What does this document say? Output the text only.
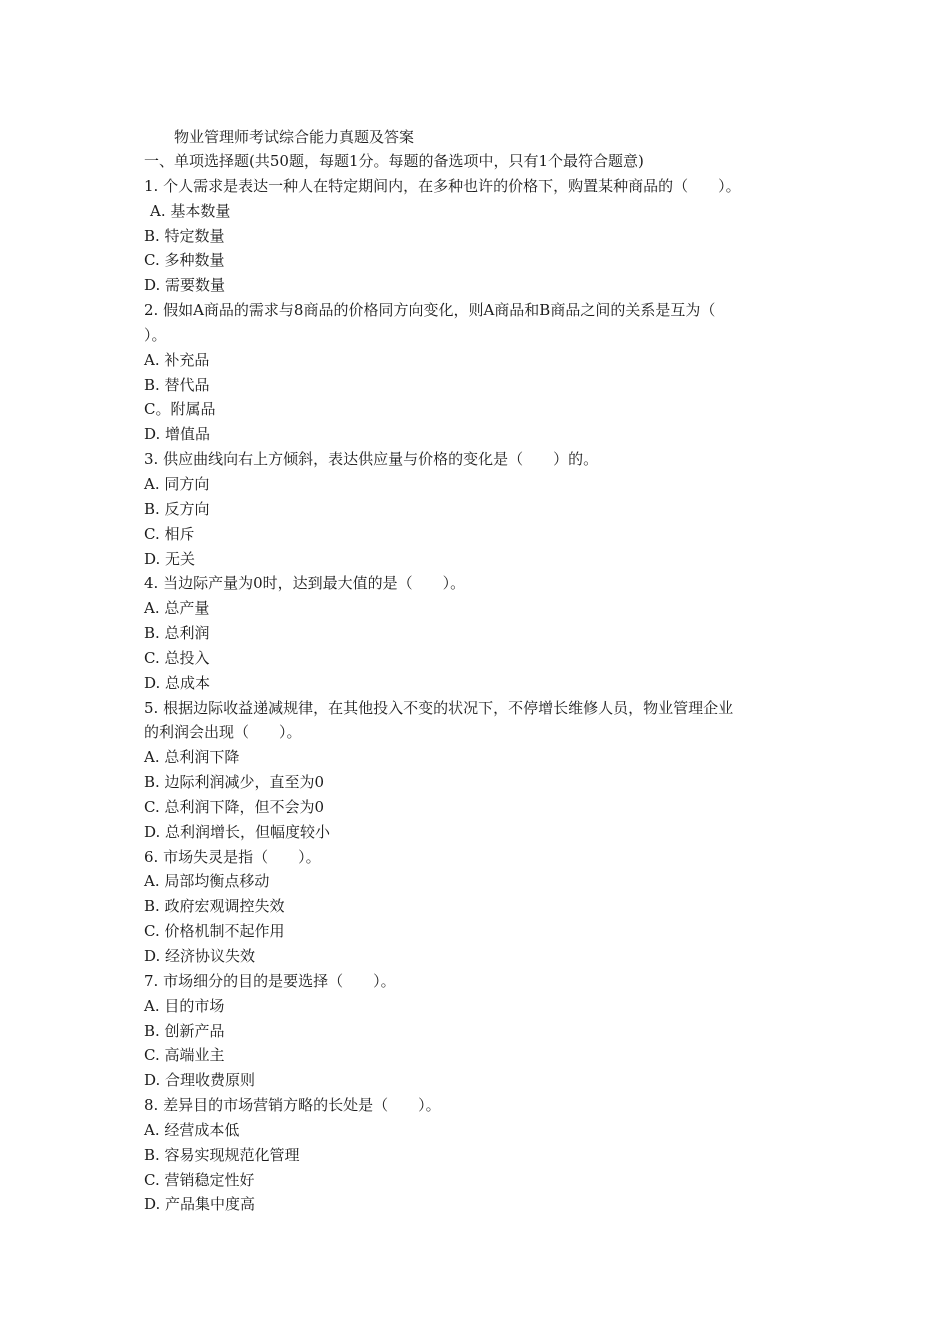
物业管理师考试综合能力真题及答案
一、单项选择题(共50题，每题1分。每题的备选项中，只有1个最符合题意)
1. 个人需求是表达一种人在特定期间内，在多种也许的价格下，购置某种商品的（　　）。
A. 基本数量
B. 特定数量
C. 多种数量
D. 需要数量
2. 假如A商品的需求与8商品的价格同方向变化，则A商品和B商品之间的关系是互为（
）。
A. 补充品
B. 替代品
C。附属品
D. 增值品
3. 供应曲线向右上方倾斜，表达供应量与价格的变化是（　　）的。
A. 同方向
B. 反方向
C. 相斥
D. 无关
4. 当边际产量为0时，达到最大值的是（　　）。
A. 总产量
B. 总利润
C. 总投入
D. 总成本
5. 根据边际收益递减规律，在其他投入不变的状况下，不停增长维修人员，物业管理企业
的利润会出现（　　）。
A. 总利润下降
B. 边际利润减少，直至为0
C. 总利润下降，但不会为0
D. 总利润增长，但幅度较小
6. 市场失灵是指（　　）。
A. 局部均衡点移动
B. 政府宏观调控失效
C. 价格机制不起作用
D. 经济协议失效
7. 市场细分的目的是要选择（　　）。
A. 目的市场
B. 创新产品
C. 高端业主
D. 合理收费原则
8. 差异目的市场营销方略的长处是（　　）。
A. 经营成本低
B. 容易实现规范化管理
C. 营销稳定性好
D. 产品集中度高
